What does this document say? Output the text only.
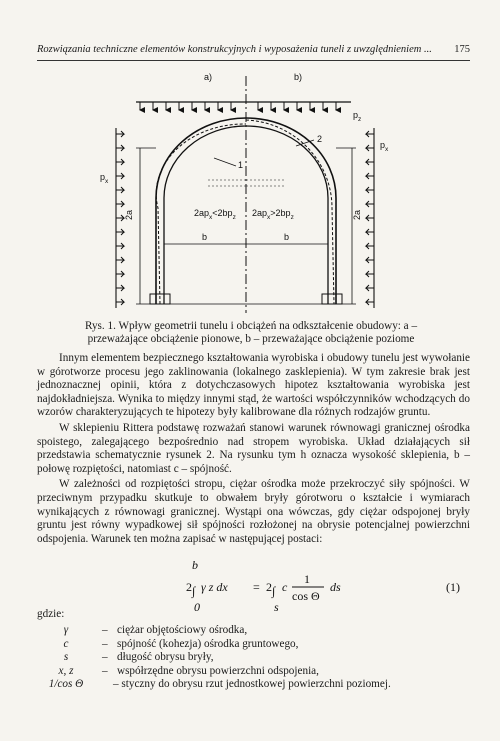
Rozwiązania techniczne elementów konstrukcyjnych i wyposażenia tuneli z uwzględnieniem ... 175
a)	b)
$p_z$
$p_x$
$p_x$
2a	2a
$2ap_x<2bp_z$ $2ap_x>2bp_z$
b	b
1
2
Rys. 1. Wpływ geometrii tunelu i obciążeń na odkształcenie obudowy: a – przeważające obciążenie pionowe, b – przeważające obciążenie poziome

Innym elementem bezpiecznego kształtowania wyrobiska i obudowy tunelu jest wywołanie w górotworze procesu jego zaklinowania (lokalnego zasklepienia). W tym zakresie brak jest jednoznacznej opinii, która z dotychczasowych hipotez kształtowania wyrobiska jest najdokładniejsza. Wynika to między innymi stąd, że wartości współczynników wchodzących do wzorów charakteryzujących te hipotezy były kalibrowane dla różnych rodzajów gruntu.

W sklepieniu Rittera podstawę rozważań stanowi warunek równowagi granicznej ośrodka spoistego, zalegającego bezpośrednio nad stropem wyrobiska. Układ działających sił przedstawia schematycznie rysunek 2. Na rysunku tym h oznacza wysokość sklepienia, b – połowę rozpiętości, natomiast c – spójność.

W zależności od rozpiętości stropu, ciężar ośrodka może przekroczyć siły spójności. W przeciwnym przypadku skutkuje to obwałem bryły górotworu o kształcie i wymiarach wynikających z równowagi granicznej. Wystąpi ona wówczas, gdy ciężar odspojonej bryły gruntu jest równy wypadkowej sił spójności rozłożonej na obrysie potencjalnej powierzchni odspojenia. Warunek ten można zapisać w następującej postaci:

b
2 ∫ γ z dx
0
= 2 ∫
s
c
1
cos Θ
ds	(1)
gdzie:
γ	– ciężar objętościowy ośrodka,
c	– spójność (kohezja) ośrodka gruntowego,
s	– długość obrysu bryły,
x, z	– współrzędne obrysu powierzchni odspojenia,
1/cos Θ	– styczny do obrysu rzut jednostkowej powierzchni poziomej.
